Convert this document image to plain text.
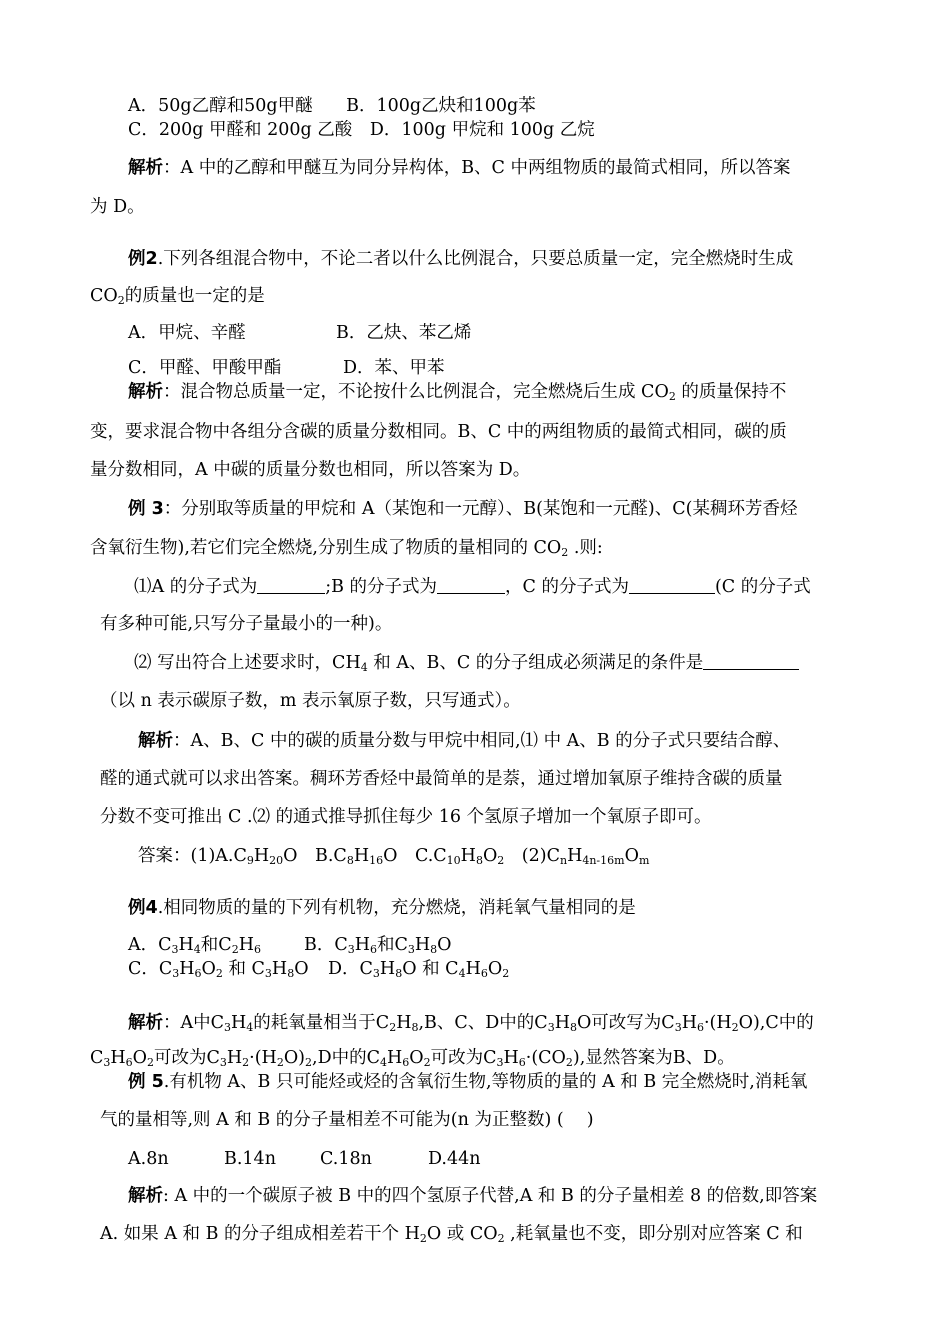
A．50g乙醇和50g甲醚 B．100g乙炔和100g苯
C．200g 甲醛和 200g 乙酸 D．100g 甲烷和 100g 乙烷
解析：A 中的乙醇和甲醚互为同分异构体，B、C 中两组物质的最简式相同，所以答案
为 D。
例2.下列各组混合物中，不论二者以什么比例混合，只要总质量一定，完全燃烧时生成
$CO_2$的质量也一定的是
A．甲烷、辛醛	B．乙炔、苯乙烯
C．甲醛、甲酸甲酯	D．苯、甲苯
解析：混合物总质量一定，不论按什么比例混合，完全燃烧后生成 $CO_2$ 的质量保持不
变，要求混合物中各组分含碳的质量分数相同。B、C 中的两组物质的最简式相同，碳的质
量分数相同，A 中碳的质量分数也相同，所以答案为 D。
例 3：分别取等质量的甲烷和 A（某饱和一元醇）、B(某饱和一元醛)、C(某稠环芳香烃
含氧衍生物),若它们完全燃烧,分别生成了物质的量相同的 $CO_2$ .则:
⑴A 的分子式为	;B 的分子式为	，C 的分子式为	(C 的分子式
有多种可能,只写分子量最小的一种)。
⑵ 写出符合上述要求时，$CH_4$ 和 A、B、C 的分子组成必须满足的条件是
（以 n 表示碳原子数，m 表示氧原子数，只写通式）。
解析：A、B、C 中的碳的质量分数与甲烷中相同,⑴ 中 A、B 的分子式只要结合醇、
醛的通式就可以求出答案。稠环芳香烃中最简单的是萘，通过增加氧原子维持含碳的质量
分数不变可推出 C .⑵ 的通式推导抓住每少 16 个氢原子增加一个氧原子即可。
答案：$(1)A.C_9H_{20}O$　$B.C_8H_{16}O$　$C.C_{10}H_8O_2$　$(2)C_nH_{4n-16m}O_m$
例4.相同物质的量的下列有机物，充分燃烧，消耗氧气量相同的是
A．$C_3H_4$和$C_2H_6$ B．$C_3H_6$和$C_3H_8O$
C．$C_3H_6O_2$ 和 $C_3H_8O$ D．$C_3H_8O$ 和 $C_4H_6O_2$
解析：A中$C_3H_4$的耗氧量相当于$C_2H_8,B$、C、D中的$C_3H_8O$可改写为$C_3H_6\cdot(H_2O),C$中的
$C_3H_6O_2$可改为$C_3H_2\cdot(H_2O)_2,D$中的$C_4H_6O_2$可改为$C_3H_6\cdot(CO_2)$,显然答案为B、D。
例 5.有机物 A、B 只可能烃或烃的含氧衍生物,等物质的量的 A 和 B 完全燃烧时,消耗氧
气的量相等,则 A 和 B 的分子量相差不可能为(n 为正整数) (　 )
A.8n	B.14n	C.18n	D.44n
解析: A 中的一个碳原子被 B 中的四个氢原子代替,A 和 B 的分子量相差 8 的倍数,即答案
A. 如果 A 和 B 的分子组成相差若干个 $H_2O$ 或 $CO_2$ ,耗氧量也不变，即分别对应答案 C 和
